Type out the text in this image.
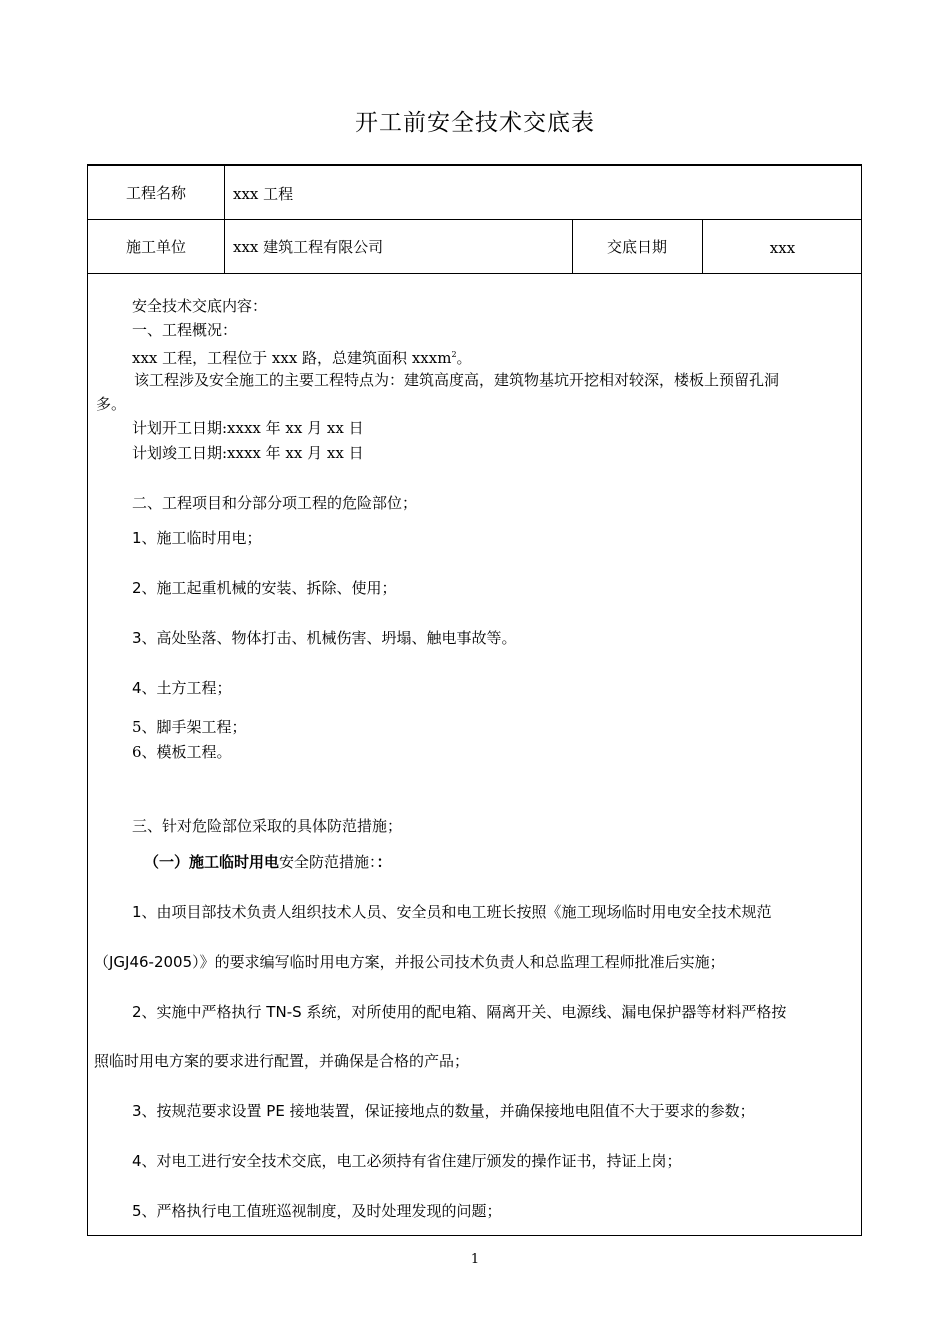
开工前安全技术交底表
工程名称	xxx 工程
施工单位	xxx 建筑工程有限公司	交底日期	xxx
安全技术交底内容：
一、工程概况：
xxx 工程，工程位于 xxx 路，总建筑面积 xxxm$^2$。
该工程涉及安全施工的主要工程特点为：建筑高度高，建筑物基坑开挖相对较深，楼板上预留孔洞
多。
计划开工日期:xxxx 年 xx 月 xx 日
计划竣工日期:xxxx 年 xx 月 xx 日
二、工程项目和分部分项工程的危险部位；
1、施工临时用电；
2、施工起重机械的安装、拆除、使用；
3、高处坠落、物体打击、机械伤害、坍塌、触电事故等。
4、土方工程；
5、脚手架工程；
6、模板工程。
三、针对危险部位采取的具体防范措施；
（一）施工临时用电安全防范措施：：
1、由项目部技术负责人组织技术人员、安全员和电工班长按照《施工现场临时用电安全技术规范
（JGJ46-2005）》的要求编写临时用电方案，并报公司技术负责人和总监理工程师批准后实施；
2、实施中严格执行 TN-S 系统，对所使用的配电箱、隔离开关、电源线、漏电保护器等材料严格按
照临时用电方案的要求进行配置，并确保是合格的产品；
3、按规范要求设置 PE 接地装置，保证接地点的数量，并确保接地电阻值不大于要求的参数；
4、对电工进行安全技术交底，电工必须持有省住建厅颁发的操作证书，持证上岗；
5、严格执行电工值班巡视制度，及时处理发现的问题；
1
